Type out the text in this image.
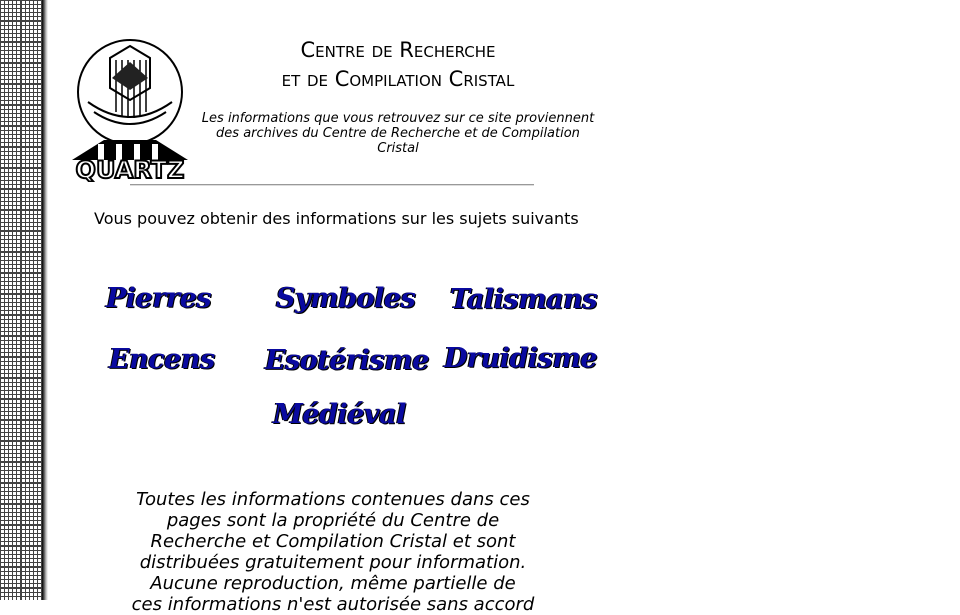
QUARTZ
Centre de Recherche
et de Compilation Cristal
Les informations que vous retrouvez sur ce site proviennent des archives du Centre de Recherche et de Compilation Cristal
Vous pouvez obtenir des informations sur les sujets suivants
Pierres Symboles Talismans
Encens Esotérisme Druidisme
Médiéval
Toutes les informations contenues dans ces
pages sont la propriété du Centre de
Recherche et Compilation Cristal et sont
distribuées gratuitement pour information.
Aucune reproduction, même partielle de
ces informations n'est autorisée sans accord
